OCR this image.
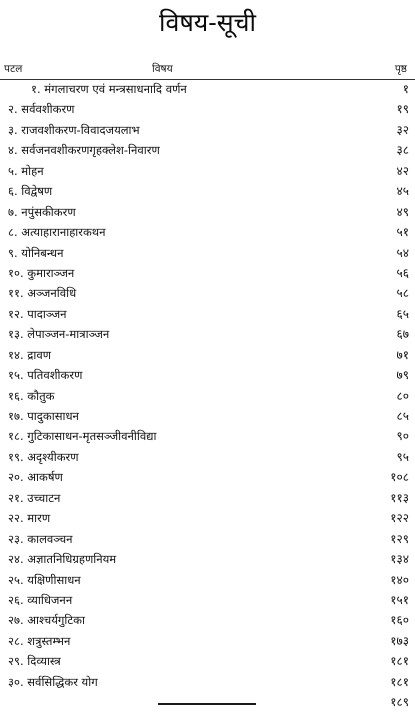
विषय-सूची
पटल	विषय	पृष्ठ
१. मंगलाचरण एवं मन्त्रसाधनादि वर्णन	१
२. सर्ववशीकरण	१९
३. राजवशीकरण-विवादजयलाभ	३२
४. सर्वजनवशीकरणगृहक्लेश-निवारण	३८
५. मोहन	४२
६. विद्वेषण	४५
७. नपुंसकीकरण	४९
८. अत्याहारानाहारकथन	५१
९. योनिबन्धन	५४
१०. कुमाराञ्जन	५६
११. अञ्जनविधि	५८
१२. पादाञ्जन	६५
१३. लेपाञ्जन-मात्राञ्जन	६७
१४. द्रावण	७१
१५. पतिवशीकरण	७९
१६. कौतुक	८०
१७. पादुकासाधन	८५
१८. गुटिकासाधन-मृतसञ्जीवनीविद्या	९०
१९. अदृश्यीकरण	९५
२०. आकर्षण	१०८
२१. उच्चाटन	११३
२२. मारण	१२२
२३. कालवञ्चन	१२९
२४. अज्ञातनिधिग्रहणनियम	१३४
२५. यक्षिणीसाधन	१४०
२६. व्याधिजनन	१५१
२७. आश्चर्यगुटिका	१६०
२८. शत्रुस्तम्भन	१७३
२९. दिव्यास्त्र	१८१
३०. सर्वसिद्धिकर योग	१८१
१८९
